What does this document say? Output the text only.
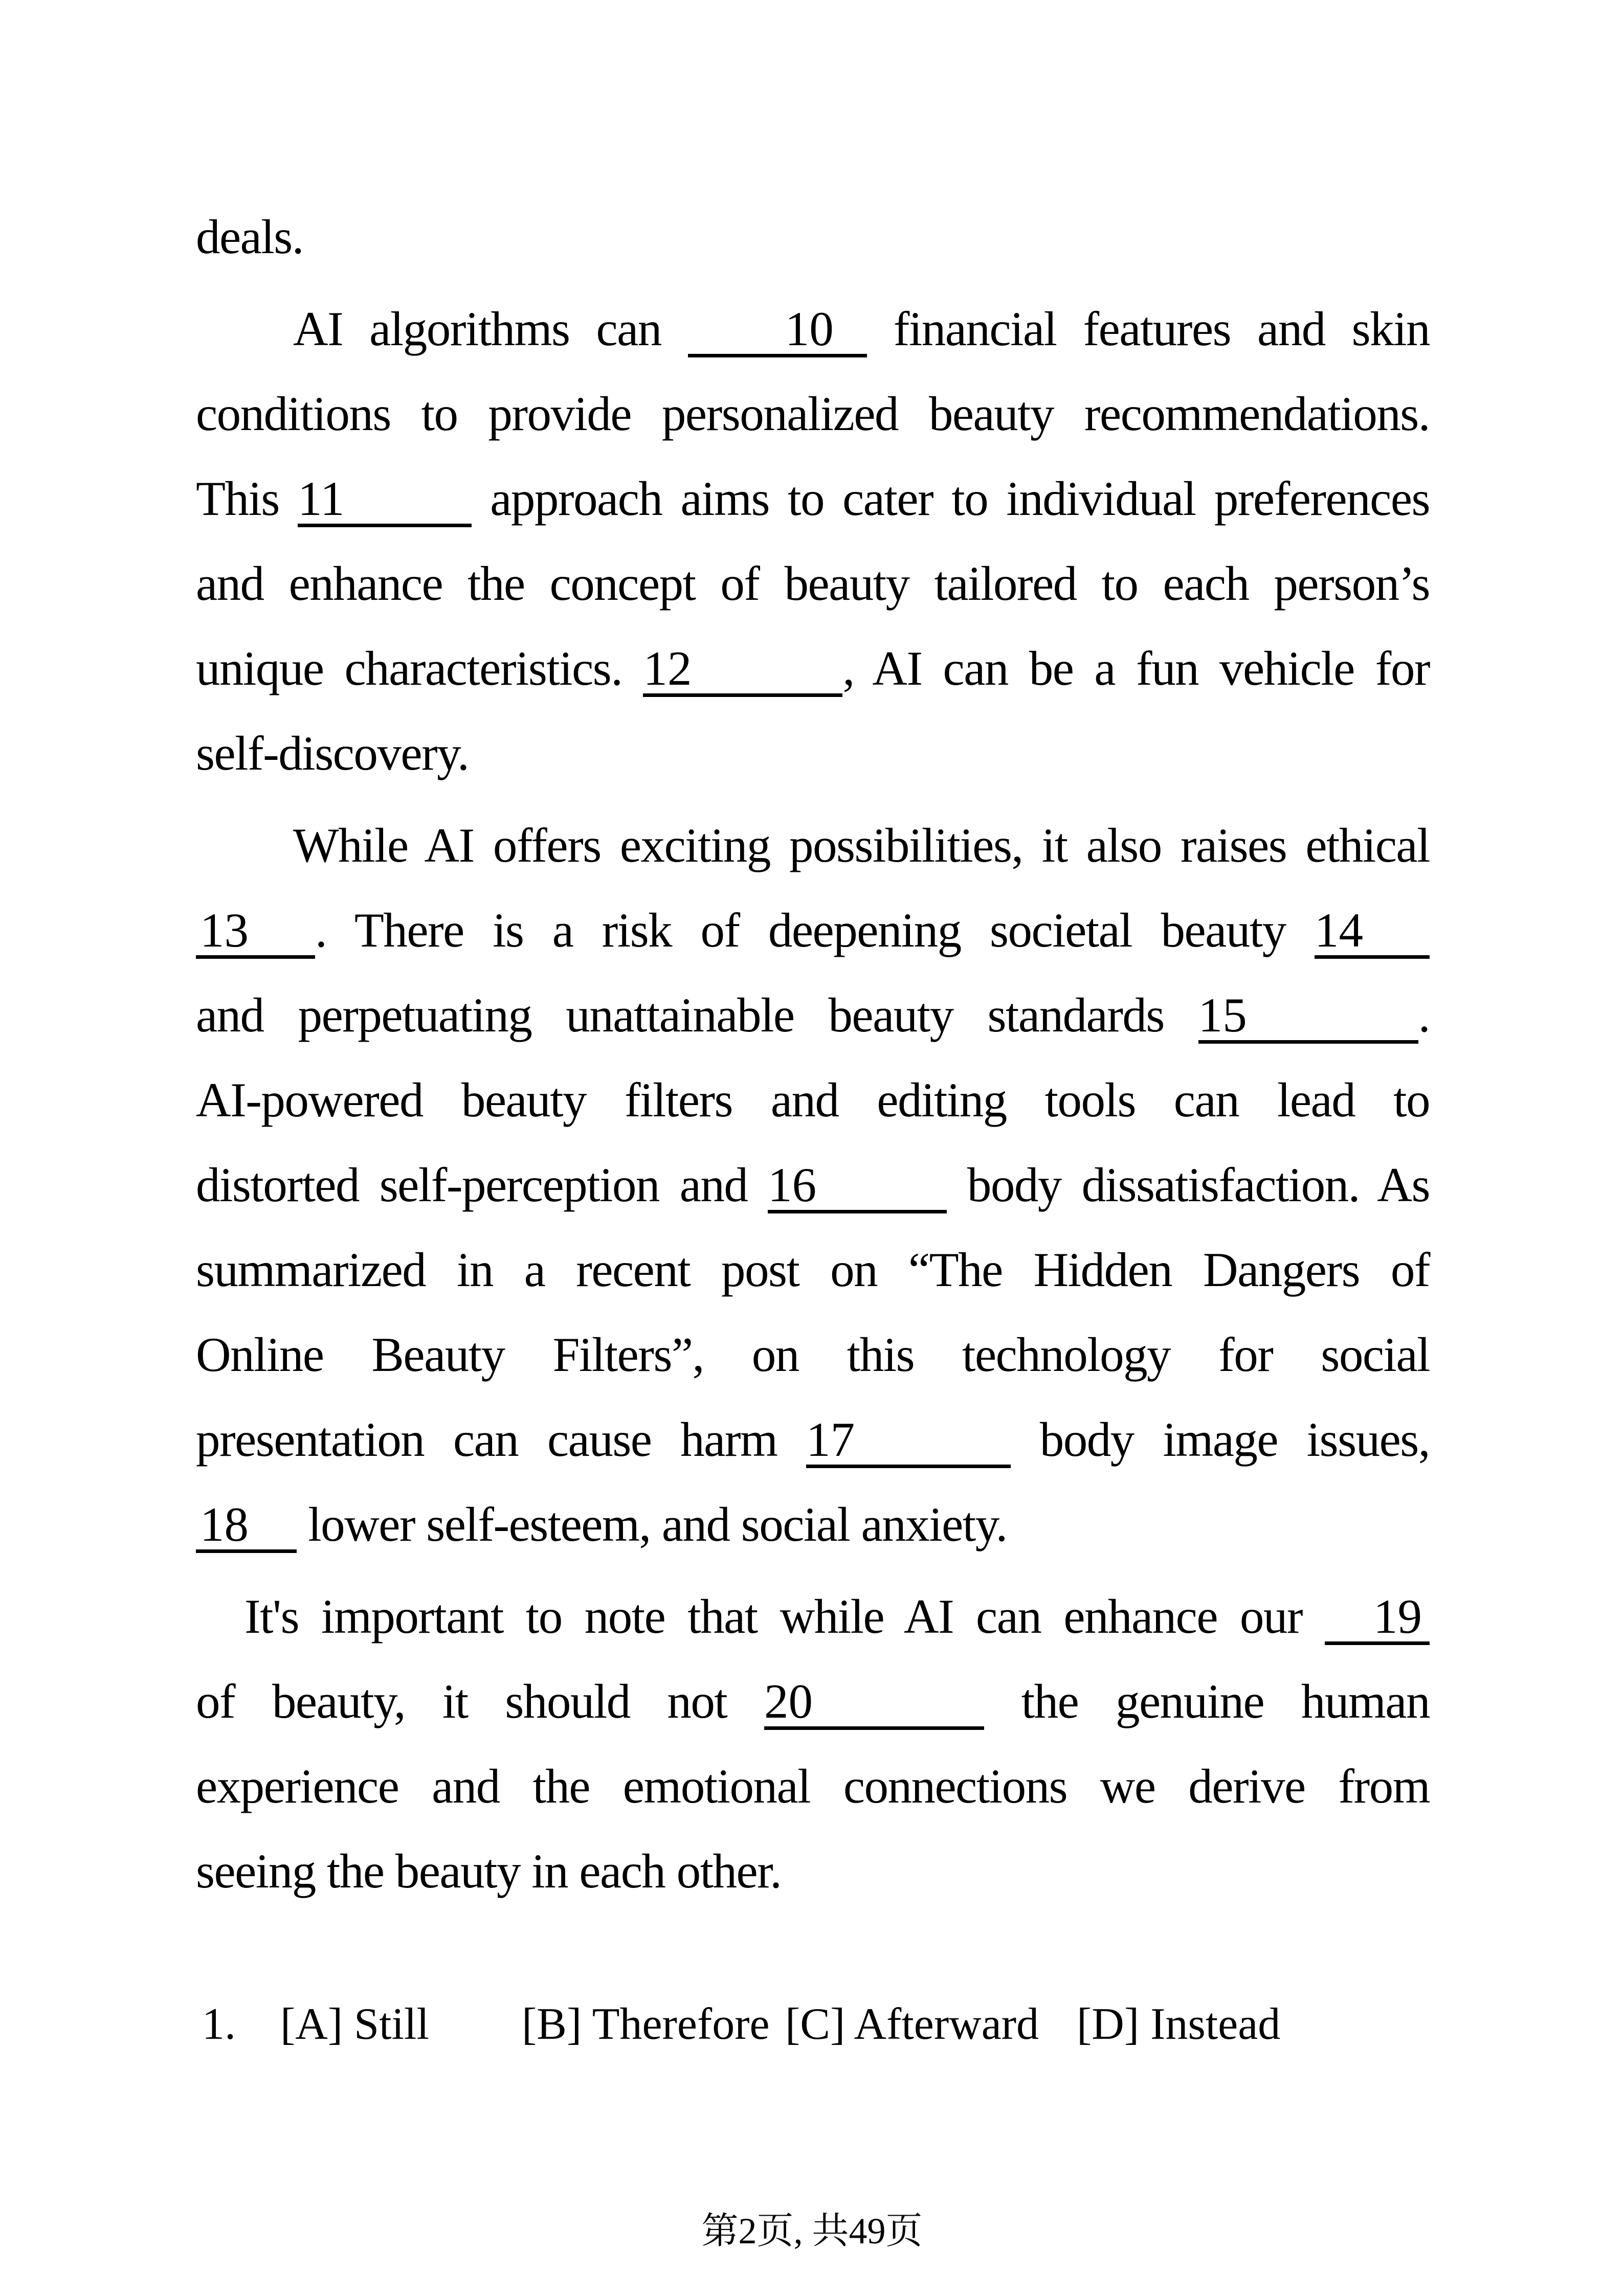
deals.
AI algorithms can 10 financial features and skin
conditions to provide personalized beauty recommendations.
This 11	approach aims to cater to individual preferences
and enhance the concept of beauty tailored to each person’s
unique characteristics. 12	, AI can be a fun vehicle for
self-discovery.
While AI offers exciting possibilities, it also raises ethical
13 . There is a risk of deepening societal beauty 14
and perpetuating unattainable beauty standards 15	.
AI-powered beauty filters and editing tools can lead to
distorted self-perception and 16	body dissatisfaction. As
summarized in a recent post on “The Hidden Dangers of
Online Beauty Filters”, on this technology for social
presentation can cause harm 17	body image issues,
18 lower self-esteem, and social anxiety.
It's important to note that while AI can enhance our 19
of beauty, it should not 20	the genuine human
experience and the emotional connections we derive from
seeing the beauty in each other.
1. [A] Still [B] Therefore [C] Afterward [D] Instead
第2页, 共49页
